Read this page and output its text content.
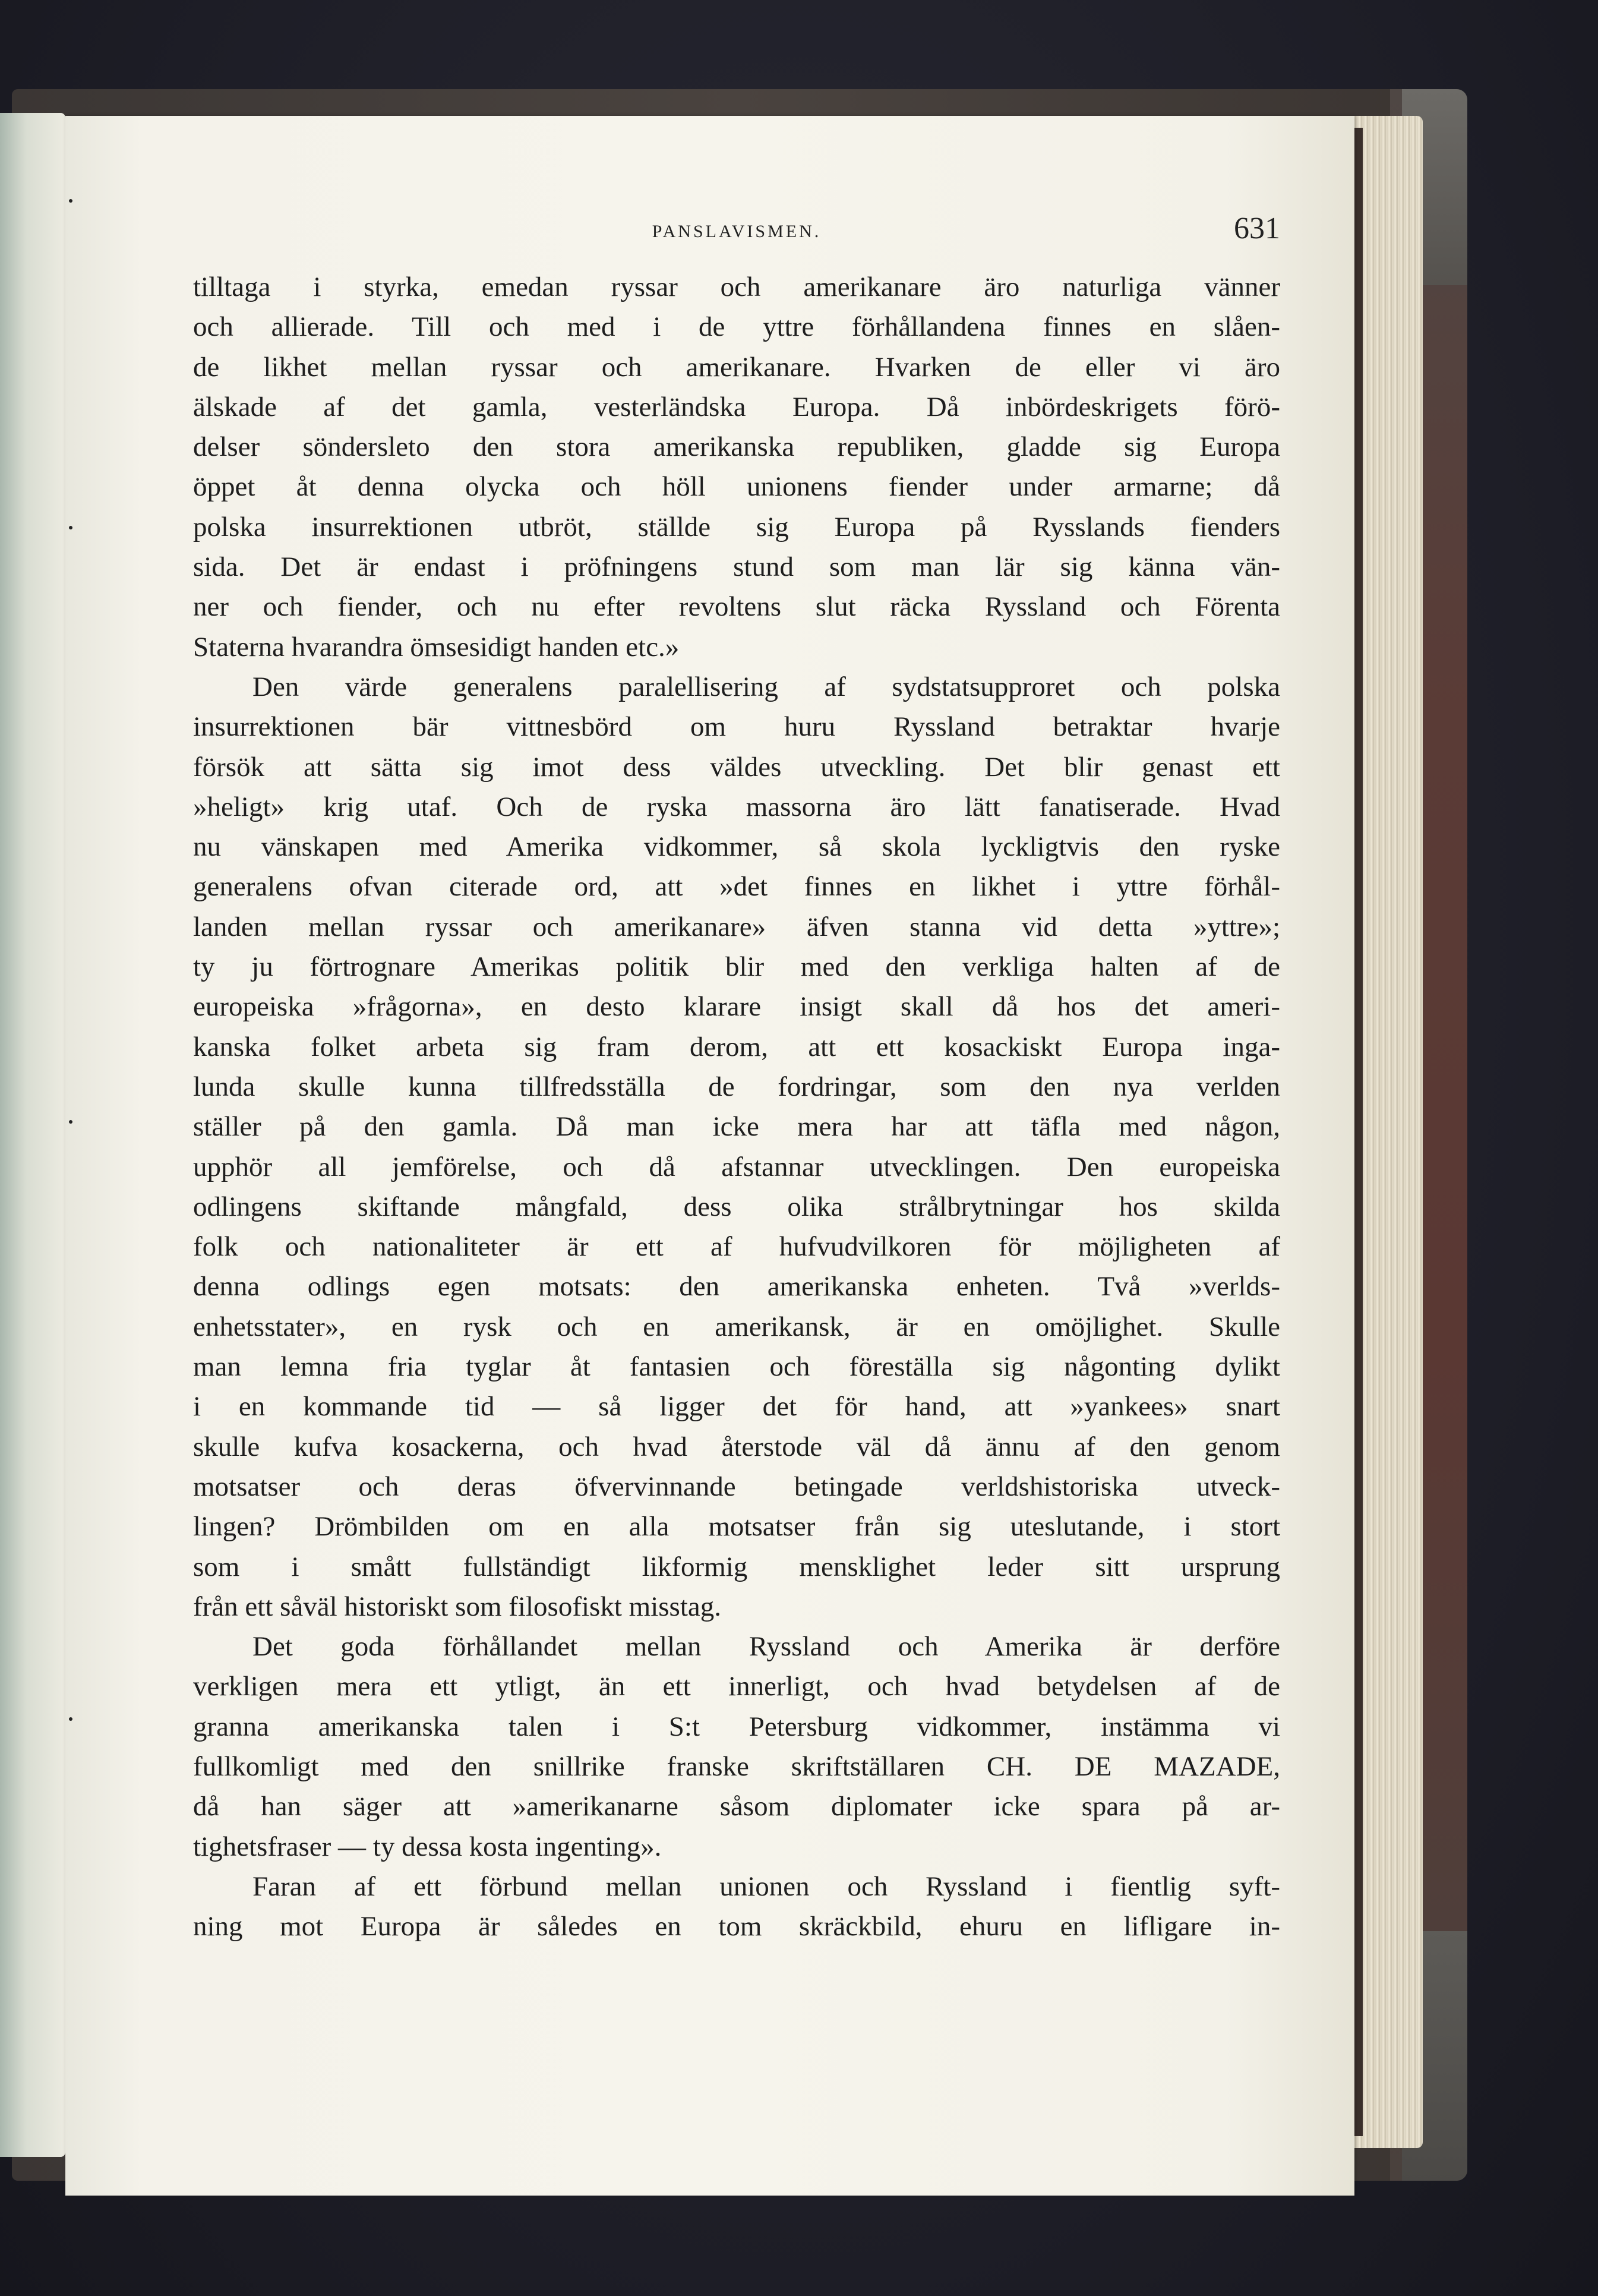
PANSLAVISMEN.	631
tilltaga i styrka, emedan ryssar och amerikanare äro naturliga vänner
och allierade. Till och med i de yttre förhållandena finnes en slåen-
de likhet mellan ryssar och amerikanare. Hvarken de eller vi äro
älskade af det gamla, vesterländska Europa. Då inbördeskrigets förö-
delser söndersleto den stora amerikanska republiken, gladde sig Europa
öppet åt denna olycka och höll unionens fiender under armarne; då
polska insurrektionen utbröt, ställde sig Europa på Rysslands fienders
sida. Det är endast i pröfningens stund som man lär sig känna vän-
ner och fiender, och nu efter revoltens slut räcka Ryssland och Förenta
Staterna hvarandra ömsesidigt handen etc.»
Den värde generalens paralellisering af sydstatsupproret och polska
insurrektionen bär vittnesbörd om huru Ryssland betraktar hvarje
försök att sätta sig imot dess väldes utveckling. Det blir genast ett
»heligt» krig utaf. Och de ryska massorna äro lätt fanatiserade. Hvad
nu vänskapen med Amerika vidkommer, så skola lyckligtvis den ryske
generalens ofvan citerade ord, att »det finnes en likhet i yttre förhål-
landen mellan ryssar och amerikanare» äfven stanna vid detta »yttre»;
ty ju förtrognare Amerikas politik blir med den verkliga halten af de
europeiska »frågorna», en desto klarare insigt skall då hos det ameri-
kanska folket arbeta sig fram derom, att ett kosackiskt Europa inga-
lunda skulle kunna tillfredsställa de fordringar, som den nya verlden
ställer på den gamla. Då man icke mera har att täfla med någon,
upphör all jemförelse, och då afstannar utvecklingen. Den europeiska
odlingens skiftande mångfald, dess olika strålbrytningar hos skilda
folk och nationaliteter är ett af hufvudvilkoren för möjligheten af
denna odlings egen motsats: den amerikanska enheten. Två »verlds-
enhetsstater», en rysk och en amerikansk, är en omöjlighet. Skulle
man lemna fria tyglar åt fantasien och föreställa sig någonting dylikt
i en kommande tid — så ligger det för hand, att »yankees» snart
skulle kufva kosackerna, och hvad återstode väl då ännu af den genom
motsatser och deras öfvervinnande betingade verldshistoriska utveck-
lingen? Drömbilden om en alla motsatser från sig uteslutande, i stort
som i smått fullständigt likformig mensklighet leder sitt ursprung
från ett såväl historiskt som filosofiskt misstag.
Det goda förhållandet mellan Ryssland och Amerika är derföre
verkligen mera ett ytligt, än ett innerligt, och hvad betydelsen af de
granna amerikanska talen i S:t Petersburg vidkommer, instämma vi
fullkomligt med den snillrike franske skriftställaren CH. DE MAZADE,
då han säger att »amerikanarne såsom diplomater icke spara på ar-
tighetsfraser — ty dessa kosta ingenting».
Faran af ett förbund mellan unionen och Ryssland i fientlig syft-
ning mot Europa är således en tom skräckbild, ehuru en lifligare in-
